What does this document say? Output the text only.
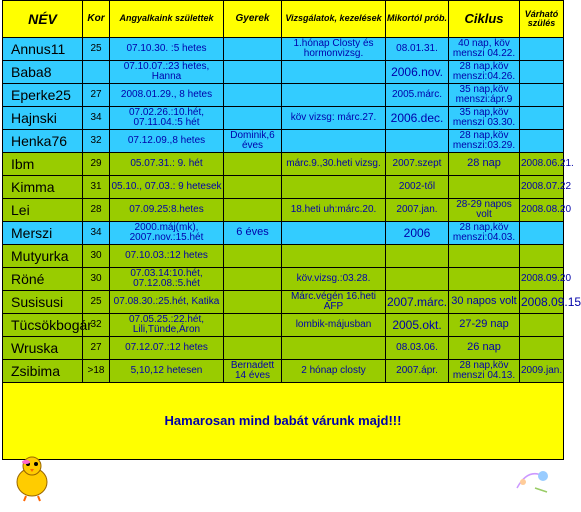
NÉV	Kor	Angyalkaink születtek	Gyerek	Vizsgálatok, kezelések	Mikortól prób.	Ciklus	Várható szülés
Annus11	25	07.10.30. :5 hetes		1.hónap Closty és hormonvizsg.	08.01.31.	40 nap, köv menszi 04.22.	
Baba8		07.10.07.:23 hetes, Hanna			2006.nov.	28 nap,köv menszi:04.26.	
Eperke25	27	2008.01.29., 8 hetes			2005.márc.	35 nap,köv menszi:ápr.9	
Hajnski	34	07.02.26.:10.hét, 07.11.04.:5 hét		köv vizsg: márc.27.	2006.dec.	35 nap,köv menszi 03.30.	
Henka76	32	07.12.09.,8 hetes	Dominik,6 éves			28 nap,köv menszi:03.29.	
Ibm	29	05.07.31.: 9. hét		márc.9.,30.heti vizsg.	2007.szept	28 nap	2008.06.21.
Kimma	31	05.10., 07.03.: 9 hetesek			2002-től		2008.07.22
Lei	28	07.09.25:8.hetes		18.heti uh:márc.20.	2007.jan.	28-29 napos volt	2008.08.20
Merszi	34	2000.máj(mk), 2007.nov.:15.hét	6 éves		2006	28 nap,köv menszi:04.03.	
Mutyurka	30	07.10.03.:12 hetes					
Röné	30	07.03.14:10.hét, 07.12.08.:5.hét		köv.vizsg.:03.28.			2008.09.20
Susisusi	25	07.08.30.:25.hét, Katika		Márc.végén 16.heti AFP	2007.márc.	30 napos volt	2008.09.15
Tücsökbogár	32	07.05.25.:22.hét, Lili,Tünde,Áron		lombik-májusban	2005.okt.	27-29 nap	
Wruska	27	07.12.07.:12 hetes			08.03.06.	26 nap	
Zsibima	>18	5,10,12 hetesen	Bernadett 14 éves	2 hónap closty	2007.ápr.	28 nap,köv menszi 04.13.	2009.jan.
Hamarosan mind babát várunk majd!!!							
